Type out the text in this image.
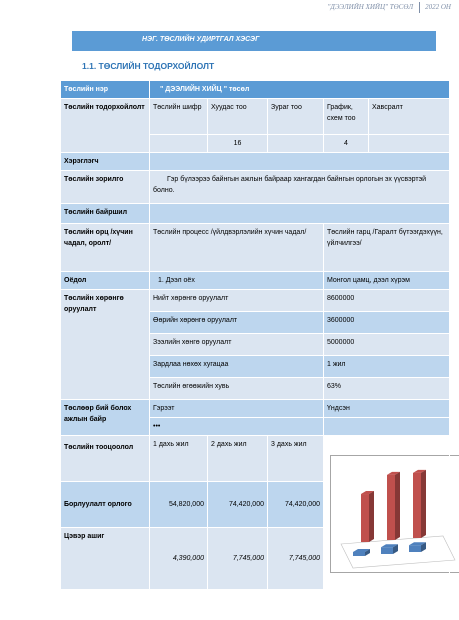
"ДЭЭЛИЙН ХИЙЦ" ТӨСӨЛ	2022 ОН
НЭГ. ТӨСЛИЙН УДИРТГАЛ ХЭСЭГ
1.1. ТӨСЛИЙН ТОДОРХОЙЛОЛТ
Төслийн нэр	" ДЭЭЛИЙН ХИЙЦ " төсөл				
Төслийн тодорхойлолт	Төслийн шифр	Хуудас тоо	Зураг тоо	График, схем тоо	Хавсралт
		16		4	
Хэрэглэгч					
Төслийн зорилго	Гэр бүлээрээ байнгын ажлын байраар хангагдан байнгын орлогын эх үүсвэртэй болно.				
Төслийн байршил					
Төслийн орц /хүчин чадал, оролт/	Төслийн процесс /үйлдвэрлэлийн хүчин чадал/			Төслийн гарц /Гаралт бүтээгдэхүүн, үйлчилгээ/	
Оёдол	1. Дээл оёх			Монгол цамц, дээл хүрэм	
Төслийн хөрөнгө оруулалт	Нийт хөрөнгө оруулалт			8600000	
	Өөрийн хөрөнгө оруулалт			3600000	
	Зээлийн хөнгө оруулалт			5000000	
	Зардлаа нөхөх хугацаа			1 жил	
	Төслийн өгөөжийн хувь			63%	
Төслөөр бий болох ажлын байр	Гэрээт			Үндсэн	
	•••				
Төслийн тооцоолол	1 дахь жил	2 дахь жил	3 дахь жил	

Борлуулалт орлого	54,820,000	74,420,000	74,420,000		
Цэвэр ашиг	4,390,000	7,745,000	7,745,000		
